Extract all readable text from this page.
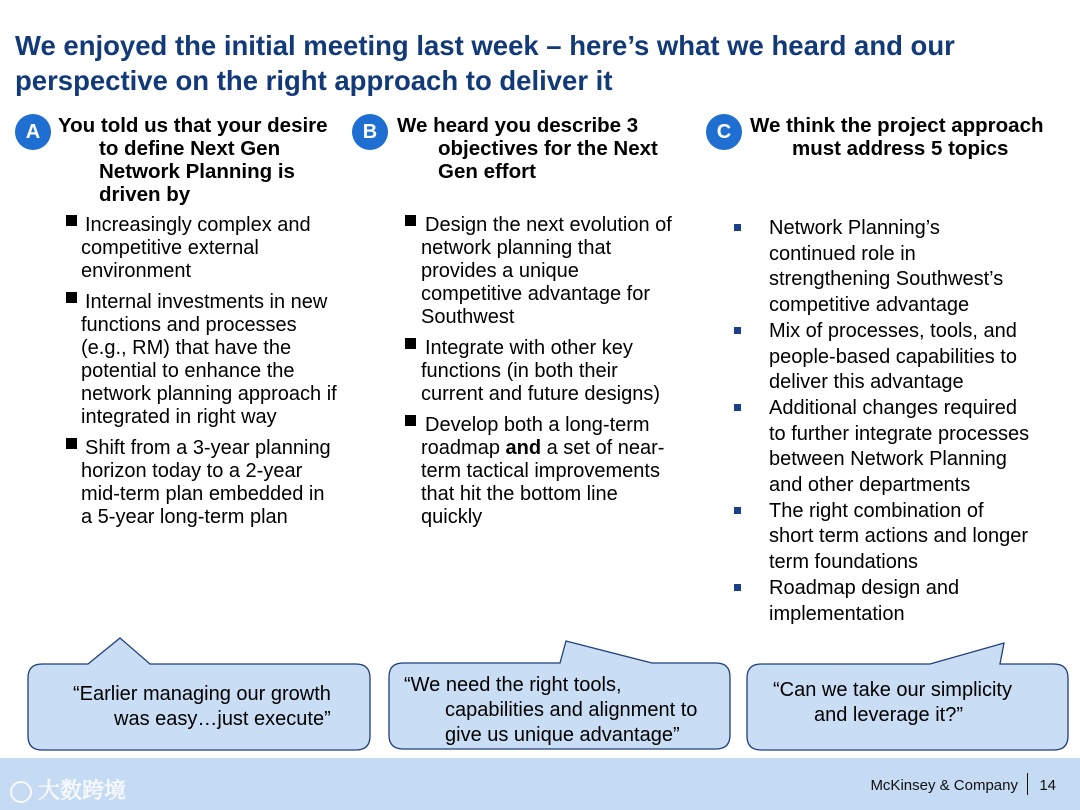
We enjoyed the initial meeting last week – here’s what we heard and our
perspective on the right approach to deliver it
A You told us that your desire
to define Next Gen
Network Planning is
driven by
Increasingly complex and
competitive external
environment
Internal investments in new
functions and processes
(e.g., RM) that have the
potential to enhance the
network planning approach if
integrated in right way
Shift from a 3-year planning
horizon today to a 2-year
mid-term plan embedded in
a 5-year long-term plan
B We heard you describe 3
objectives for the Next
Gen effort
Design the next evolution of
network planning that
provides a unique
competitive advantage for
Southwest
Integrate with other key
functions (in both their
current and future designs)
Develop both a long-term
roadmap and a set of near-
term tactical improvements
that hit the bottom line
quickly
C We think the project approach
must address 5 topics
Network Planning’s
continued role in
strengthening Southwest’s
competitive advantage
Mix of processes, tools, and
people-based capabilities to
deliver this advantage
Additional changes required
to further integrate processes
between Network Planning
and other departments
The right combination of
short term actions and longer
term foundations
Roadmap design and
implementation
“Earlier managing our growth
was easy…just execute”
“We need the right tools,
capabilities and alignment to
give us unique advantage”
“Can we take our simplicity
and leverage it?”
大数跨境	McKinsey & Company 14
